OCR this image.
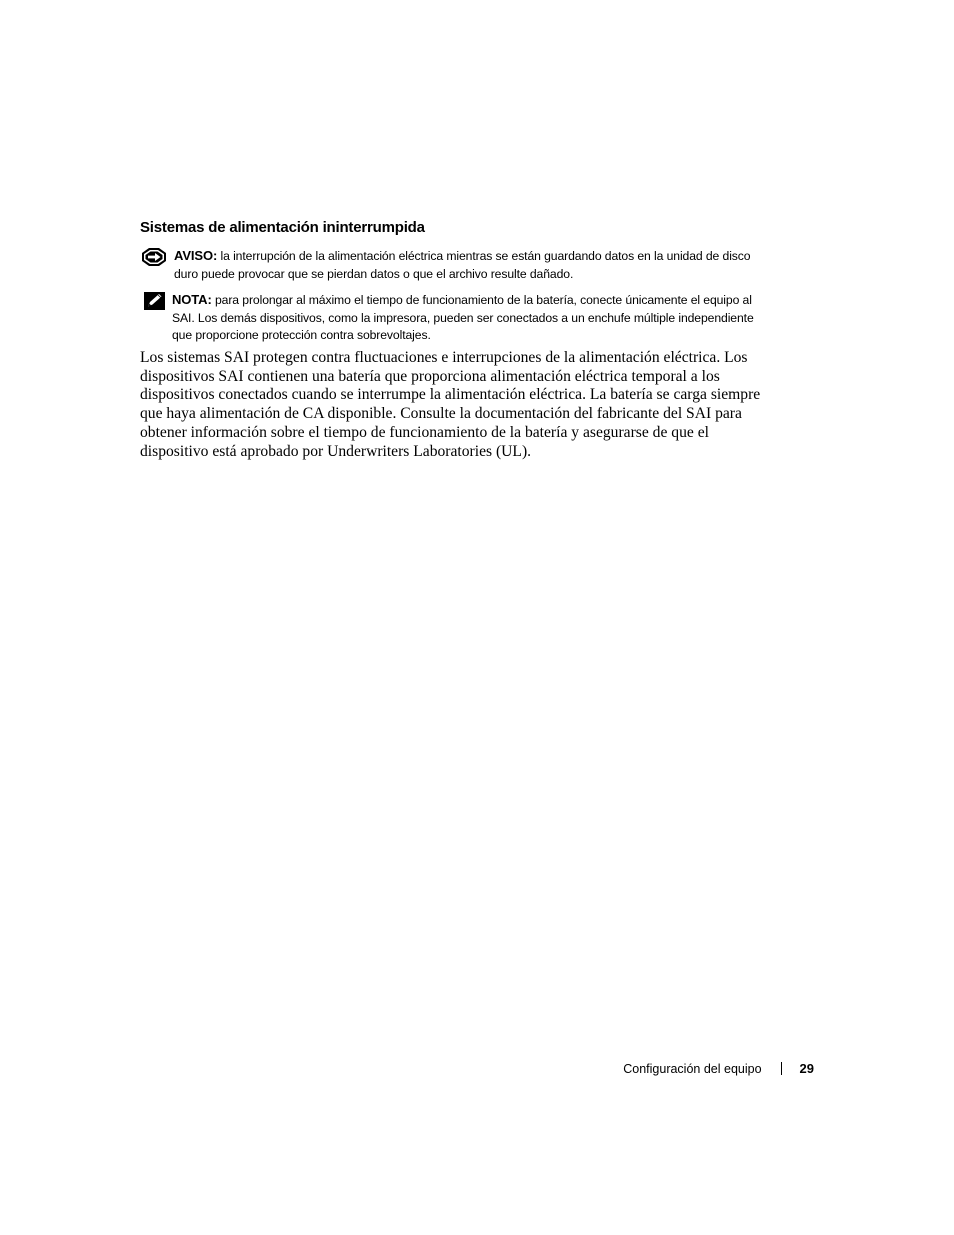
Sistemas de alimentación ininterrumpida
AVISO: la interrupción de la alimentación eléctrica mientras se están guardando datos en la unidad de disco duro puede provocar que se pierdan datos o que el archivo resulte dañado.
NOTA: para prolongar al máximo el tiempo de funcionamiento de la batería, conecte únicamente el equipo al SAI. Los demás dispositivos, como la impresora, pueden ser conectados a un enchufe múltiple independiente que proporcione protección contra sobrevoltajes.

Los sistemas SAI protegen contra fluctuaciones e interrupciones de la alimentación eléctrica. Los dispositivos SAI contienen una batería que proporciona alimentación eléctrica temporal a los dispositivos conectados cuando se interrumpe la alimentación eléctrica. La batería se carga siempre que haya alimentación de CA disponible. Consulte la documentación del fabricante del SAI para obtener información sobre el tiempo de funcionamiento de la batería y asegurarse de que el dispositivo está aprobado por Underwriters Laboratories (UL).

Configuración del equipo	29
